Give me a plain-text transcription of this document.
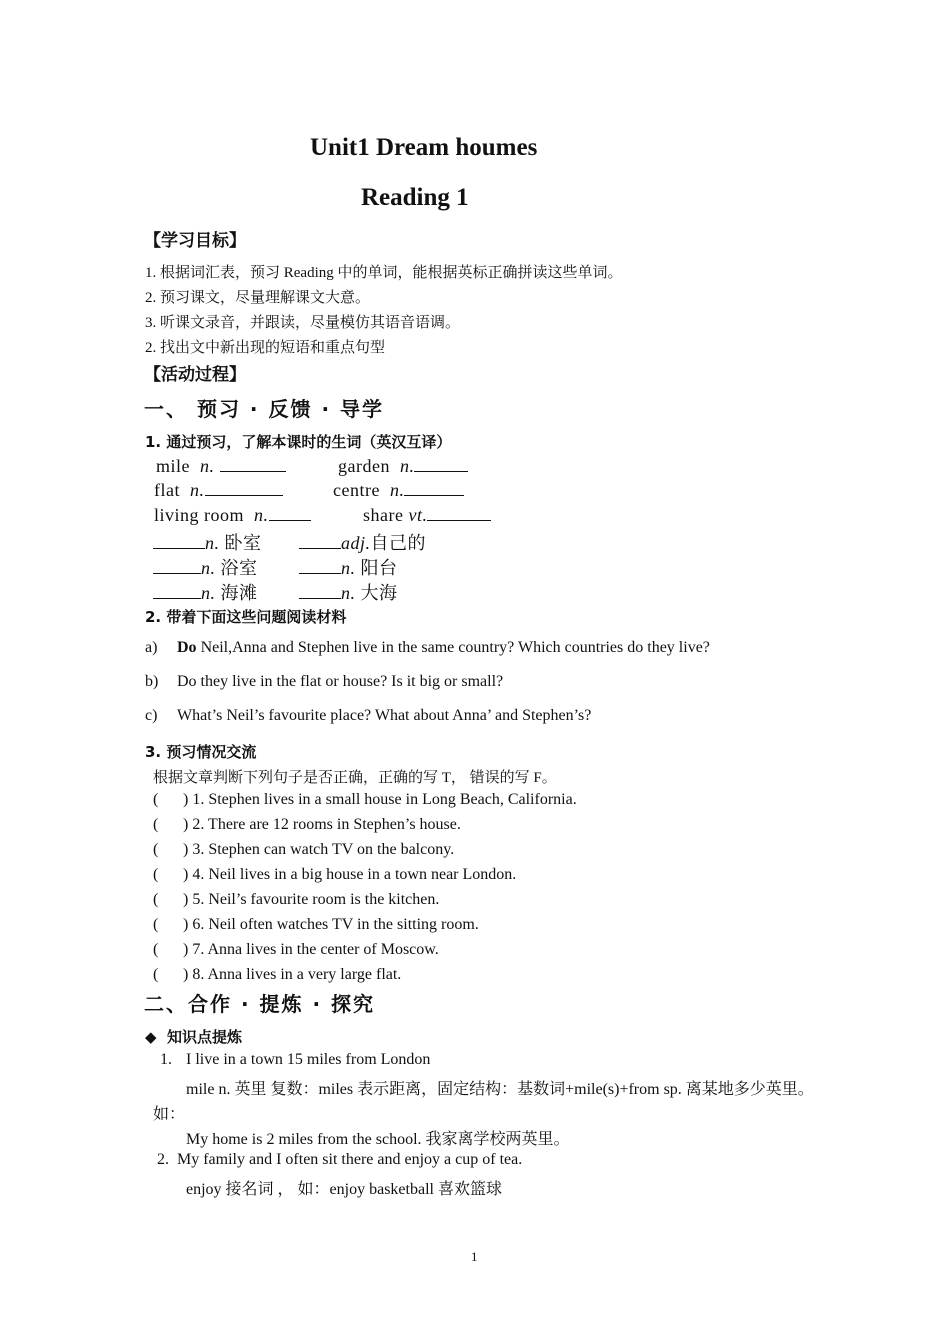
Unit1 Dream houmes
Reading 1
【学习目标】
1. 根据词汇表，预习 Reading 中的单词，能根据英标正确拼读这些单词。
2. 预习课文，尽量理解课文大意。
3. 听课文录音，并跟读，尽量模仿其语音语调。
2. 找出文中新出现的短语和重点句型
【活动过程】
一、 预习 · 反馈 · 导学
1. 通过预习，了解本课时的生词（英汉互译）
mile n.	garden n.
flat n.	centre n.
living room n.	share vt.
n. 卧室	adj.自己的
n. 浴室	n. 阳台
n. 海滩	n. 大海
2. 带着下面这些问题阅读材料
a) Do Neil,Anna and Stephen live in the same country? Which countries do they live?
b) Do they live in the flat or house? Is it big or small?
c) What’s Neil’s favourite place? What about Anna’ and Stephen’s?
3. 预习情况交流
根据文章判断下列句子是否正确，正确的写 T， 错误的写 F。
( ) 1. Stephen lives in a small house in Long Beach, California.
( ) 2. There are 12 rooms in Stephen’s house.
( ) 3. Stephen can watch TV on the balcony.
( ) 4. Neil lives in a big house in a town near London.
( ) 5. Neil’s favourite room is the kitchen.
( ) 6. Neil often watches TV in the sitting room.
( ) 7. Anna lives in the center of Moscow.
( ) 8. Anna lives in a very large flat.
二、合作 · 提炼 · 探究
◆ 知识点提炼
1. I live in a town 15 miles from London
mile n. 英里 复数：miles 表示距离，固定结构：基数词+mile(s)+from sp. 离某地多少英里。
如：
My home is 2 miles from the school. 我家离学校两英里。
2. My family and I often sit there and enjoy a cup of tea.
enjoy 接名词 ， 如：enjoy basketball 喜欢篮球
1
